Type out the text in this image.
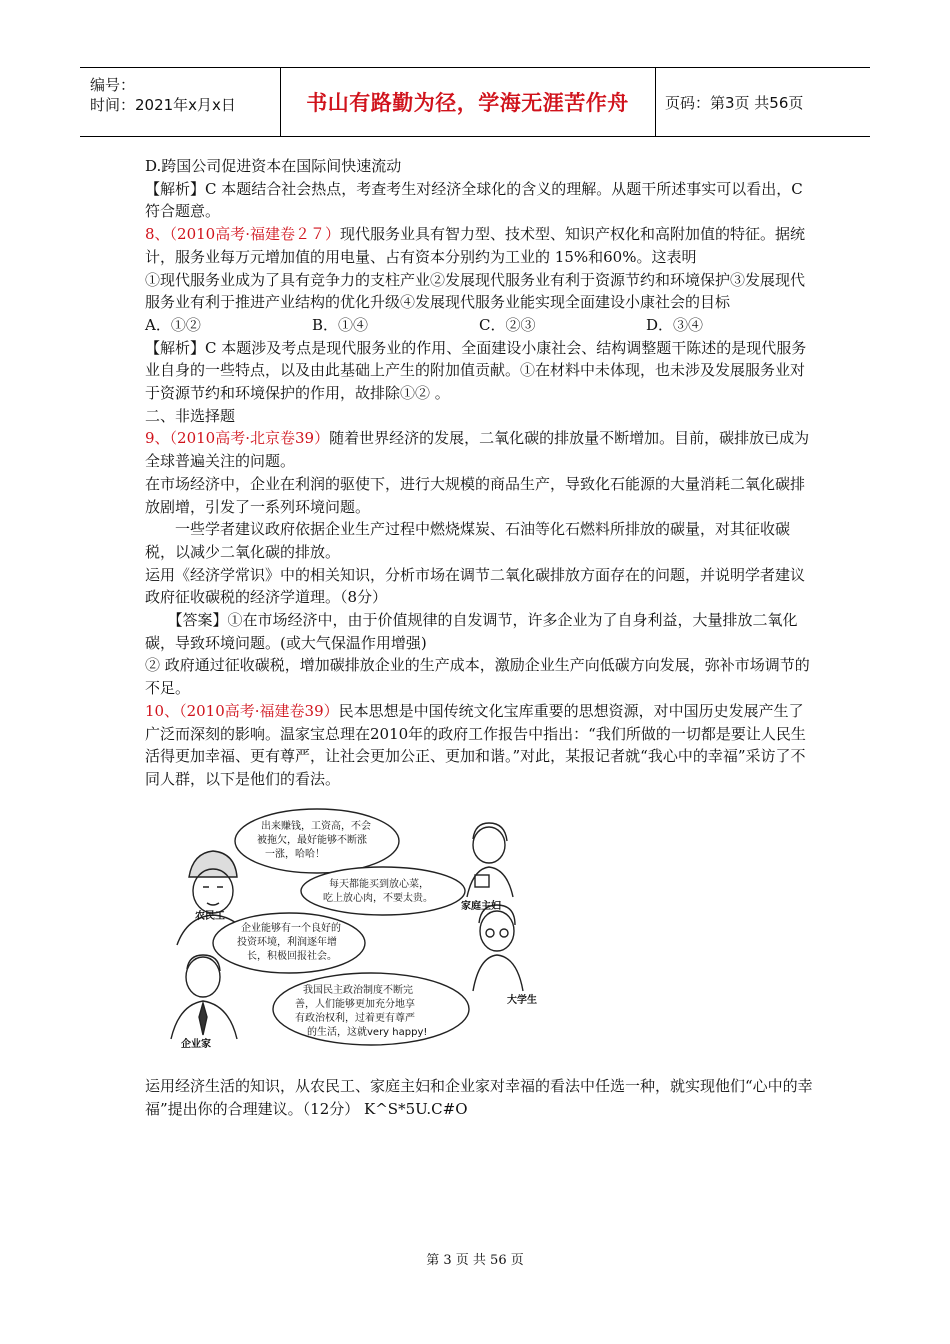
编号：
时间：2021年x月x日	书山有路勤为径，学海无涯苦作舟 页码：第3页 共56页

D.跨国公司促进资本在国际间快速流动

【解析】C 本题结合社会热点，考查考生对经济全球化的含义的理解。从题干所述事实可以看出，C符合题意。

8、（2010高考·福建卷２７）现代服务业具有智力型、技术型、知识产权化和高附加值的特征。据统计，服务业每万元增加值的用电量、占有资本分别约为工业的 15%和60%。这表明

①现代服务业成为了具有竞争力的支柱产业②发展现代服务业有利于资源节约和环境保护③发展现代服务业有利于推进产业结构的优化升级④发展现代服务业能实现全面建设小康社会的目标

A．①②	B．①④	C．②③	D．③④

【解析】C 本题涉及考点是现代服务业的作用、全面建设小康社会、结构调整题干陈述的是现代服务业自身的一些特点，以及由此基础上产生的附加值贡献。①在材料中未体现，也未涉及发展服务业对于资源节约和环境保护的作用，故排除①② 。

二、非选择题

9、（2010高考·北京卷39）随着世界经济的发展，二氧化碳的排放量不断增加。目前，碳排放已成为全球普遍关注的问题。

在市场经济中，企业在利润的驱使下，进行大规模的商品生产，导致化石能源的大量消耗二氧化碳排放剧增，引发了一系列环境问题。

一些学者建议政府依据企业生产过程中燃烧煤炭、石油等化石燃料所排放的碳量，对其征收碳税，以减少二氧化碳的排放。

运用《经济学常识》中的相关知识，分析市场在调节二氧化碳排放方面存在的问题，并说明学者建议政府征收碳税的经济学道理。（8分）

【答案】①在市场经济中，由于价值规律的自发调节，许多企业为了自身利益，大量排放二氧化碳，导致环境问题。(或大气保温作用增强)

② 政府通过征收碳税，增加碳排放企业的生产成本，激励企业生产向低碳方向发展，弥补市场调节的不足。

10、（2010高考·福建卷39）民本思想是中国传统文化宝库重要的思想资源，对中国历史发展产生了广泛而深刻的影响。温家宝总理在2010年的政府工作报告中指出：“我们所做的一切都是要让人民生活得更加幸福、更有尊严，让社会更加公正、更加和谐。”对此，某报记者就“我心中的幸福”采访了不同人群，以下是他们的看法。

出来赚钱，工资高，不会
被拖欠，最好能够不断涨
一涨，哈哈！
每天都能买到放心菜，
吃上放心肉，不要太贵。
企业能够有一个良好的
投资环境，利润逐年增
长，积极回报社会。
我国民主政治制度不断完
善，人们能够更加充分地享
有政治权利，过着更有尊严
的生活，这就very happy!
农民工
家庭主妇
企业家
大学生

运用经济生活的知识，从农民工、家庭主妇和企业家对幸福的看法中任选一种，就实现他们“心中的幸福”提出你的合理建议。（12分） K^S*5U.C#O

第 3 页 共 56 页
